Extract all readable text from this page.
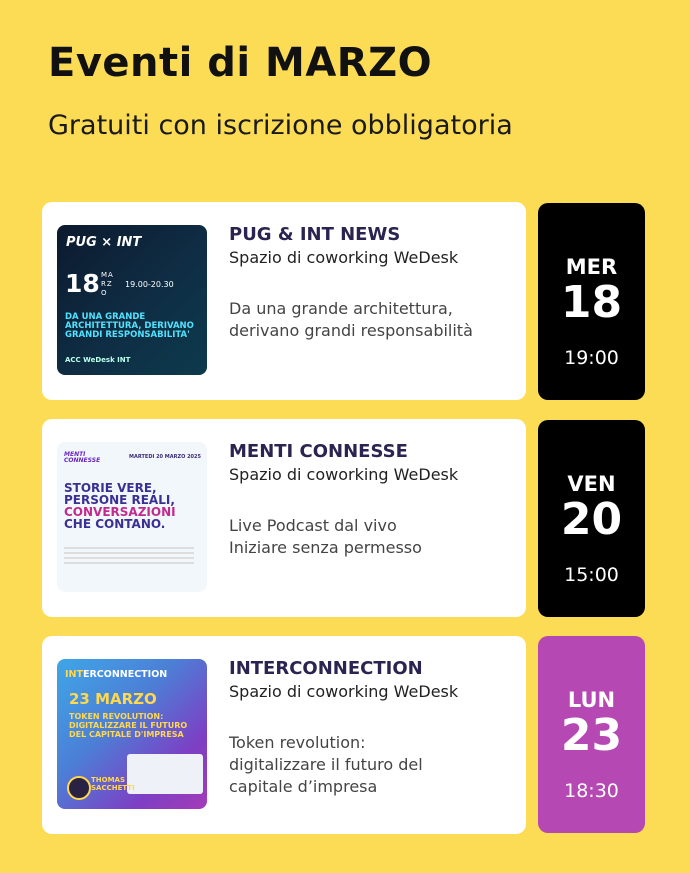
Eventi di MARZO
Gratuiti con iscrizione obbligatoria
PUG × INT
18 MARZO
19.00-20.30
DA UNA GRANDE ARCHITETTURA, DERIVANO GRANDI RESPONSABILITA'
ACC WeDesk INT
PUG & INT NEWS
Spazio di coworking WeDesk
Da una grande architettura,
derivano grandi responsabilità
MER
18
19:00
MENTI CONNESSE	MARTEDI 20 MARZO 2025
STORIE VERE, PERSONE REALI, CONVERSAZIONI CHE CONTANO.
MENTI CONNESSE
Spazio di coworking WeDesk
Live Podcast dal vivo
Iniziare senza permesso
VEN
20
15:00
INTERCONNECTION
23 MARZO
TOKEN REVOLUTION: DIGITALIZZARE IL FUTURO DEL CAPITALE D'IMPRESA
THOMAS SACCHETTI
INTERCONNECTION
Spazio di coworking WeDesk
Token revolution:
digitalizzare il futuro del
capitale d’impresa
LUN
23
18:30
